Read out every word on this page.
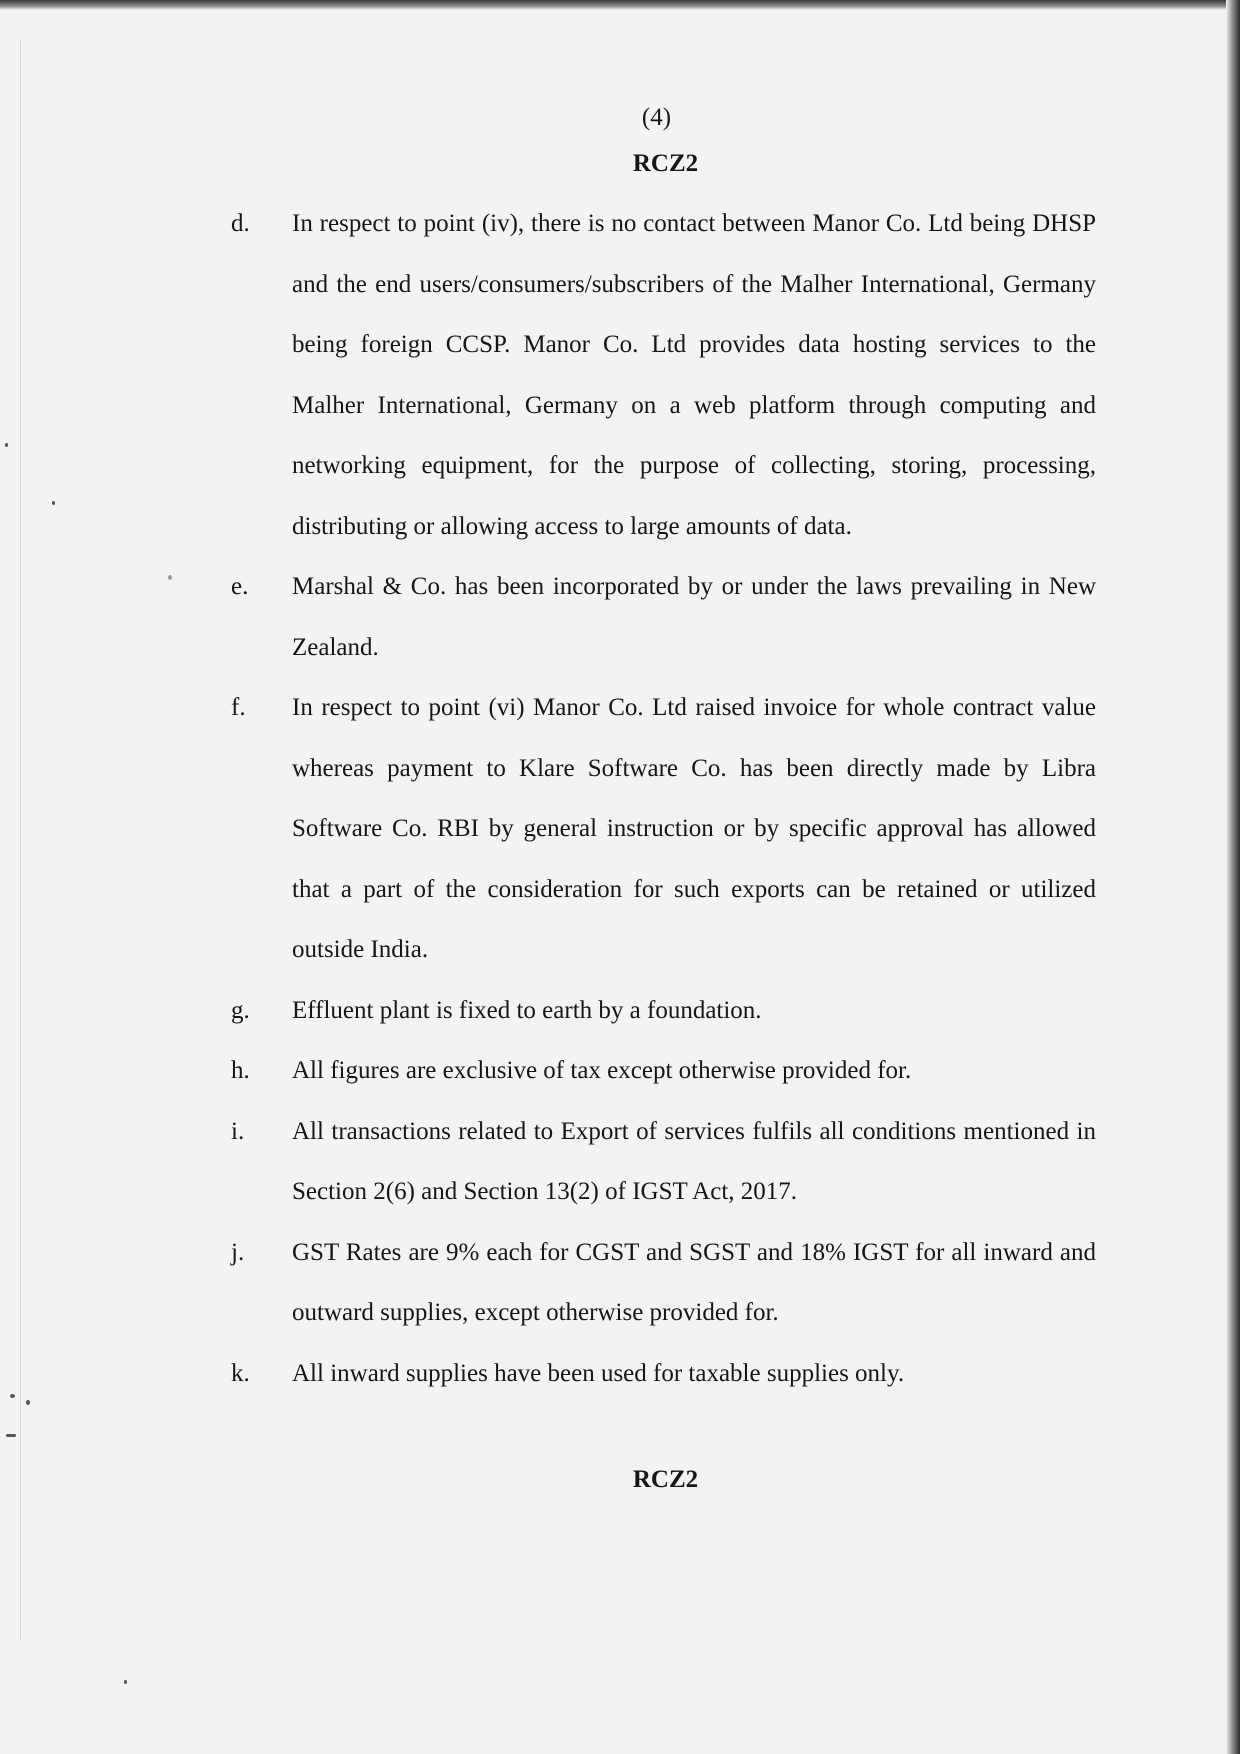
(4)
RCZ2
d. In respect to point (iv), there is no contact between Manor Co. Ltd being DHSP and the end users/consumers/subscribers of the Malher International, Germany being foreign CCSP. Manor Co. Ltd provides data hosting services to the Malher International, Germany on a web platform through computing and networking equipment, for the purpose of collecting, storing, processing, distributing or allowing access to large amounts of data.
e. Marshal & Co. has been incorporated by or under the laws prevailing in New Zealand.
f. In respect to point (vi) Manor Co. Ltd raised invoice for whole contract value whereas payment to Klare Software Co. has been directly made by Libra Software Co. RBI by general instruction or by specific approval has allowed that a part of the consideration for such exports can be retained or utilized outside India.
g. Effluent plant is fixed to earth by a foundation.
h. All figures are exclusive of tax except otherwise provided for.
i. All transactions related to Export of services fulfils all conditions mentioned in Section 2(6) and Section 13(2) of IGST Act, 2017.
j. GST Rates are 9% each for CGST and SGST and 18% IGST for all inward and outward supplies, except otherwise provided for.
k. All inward supplies have been used for taxable supplies only.
RCZ2
